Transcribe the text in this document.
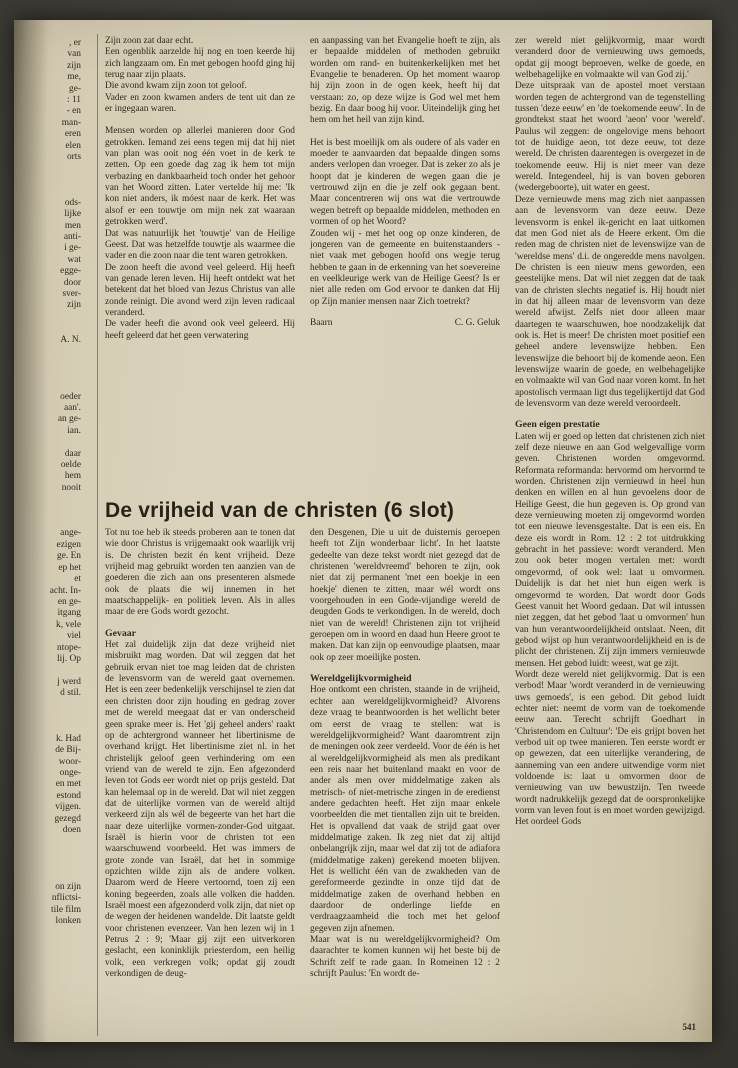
, er
van
zijn
me,
ge-
: 11
- en
man-
eren
elen
orts

ods-
lijke
men
anti-
i ge-
wat
egge-
door
sver-
zijn

A. N.

oeder
aan'.
an ge-
ian.

daar
oelde
hem
nooit

ange-
ezigen
ge. En
ep het
et
acht. In-
en ge-
itgang
k, vele
viel
ntope-
lij. Op

j werd
d stil.

k. Had
de Bij-
woor-
onge-
en met
estond
vijgen.
gezegd
doen

on zijn
nflictsi-
tile film
lonken

Zijn zoon zat daar echt.

Een ogenblik aarzelde hij nog en toen keerde hij zich langzaam om. En met gebogen hoofd ging hij terug naar zijn plaats.

Die avond kwam zijn zoon tot geloof.

Vader en zoon kwamen anders de tent uit dan ze er ingegaan waren.

Mensen worden op allerlei manieren door God getrokken. Iemand zei eens tegen mij dat hij niet van plan was ooit nog één voet in de kerk te zetten. Op een goede dag zag ik hem tot mijn verbazing en dankbaarheid toch onder het gehoor van het Woord zitten. Later vertelde hij me: 'Ik kon niet anders, ik móest naar de kerk. Het was alsof er een touwtje om mijn nek zat waaraan getrokken werd'.

Dat was natuurlijk het 'touwtje' van de Heilige Geest. Dat was hetzelfde touwtje als waarmee die vader en die zoon naar die tent waren getrokken.

De zoon heeft die avond veel geleerd. Hij heeft van genade leren leven. Hij heeft ontdekt wat het betekent dat het bloed van Jezus Christus van alle zonde reinigt. Die avond werd zijn leven radicaal veranderd.

De vader heeft die avond ook veel geleerd. Hij heeft geleerd dat het geen verwatering

en aanpassing van het Evangelie hoeft te zijn, als er bepaalde middelen of methoden gebruikt worden om rand- en buitenkerkelijken met het Evangelie te benaderen. Op het moment waarop hij zijn zoon in de ogen keek, heeft hij dat verstaan: zo, op deze wijze is God wel met hem bezig. En daar boog hij voor. Uiteindelijk ging het hem om het heil van zijn kind.

Het is best moeilijk om als oudere of als vader en moeder te aanvaarden dat bepaalde dingen soms anders verlopen dan vroeger. Dat is zeker zo als je hoopt dat je kinderen de wegen gaan die je vertrouwd zijn en die je zelf ook gegaan bent. Maar concentreren wij ons wat die vertrouwde wegen betreft op bepaalde middelen, methoden en vormen of op het Woord?

Zouden wij - met het oog op onze kinderen, de jongeren van de gemeente en buitenstaanders - niet vaak met gebogen hoofd ons wegje terug hebben te gaan in de erkenning van het soevereine en veelkleurige werk van de Heilige Geest? Is er niet alle reden om God ervoor te danken dat Hij op Zijn manier mensen naar Zich toetrekt?

Baarn	C. G. Geluk
De vrijheid van de christen (6 slot)

Tot nu toe heb ik steeds proberen aan te tonen dat wie door Christus is vrijgemaakt ook waarlijk vrij is. De christen bezit én kent vrijheid. Deze vrijheid mag gebruikt worden ten aanzien van de goederen die zich aan ons presenteren alsmede ook de plaats die wij innemen in het maatschappelijk- en politiek leven. Als in alles maar de ere Gods wordt gezocht.

Gevaar

Het zal duidelijk zijn dat deze vrijheid niet misbruikt mag worden. Dat wil zeggen dat het gebruik ervan niet toe mag leiden dat de christen de levensvorm van de wereld gaat overnemen. Het is een zeer bedenkelijk verschijnsel te zien dat een christen door zijn houding en gedrag zover met de wereld meegaat dat er van onderscheid geen sprake meer is. Het 'gij geheel anders' raakt op de achtergrond wanneer het libertinisme de overhand krijgt. Het libertinisme ziet nl. in het christelijk geloof geen verhindering om een vriend van de wereld te zijn. Een afgezonderd leven tot Gods eer wordt niet op prijs gesteld. Dat kan helemaal op in de wereld. Dat wil niet zeggen dat de uiterlijke vormen van de wereld altijd verkeerd zijn als wél de begeerte van het hart die naar deze uiterlijke vormen-zonder-God uitgaat. Israël is hierin voor de christen tot een waarschuwend voorbeeld. Het was immers de grote zonde van Israël, dat het in sommige opzichten wilde zijn als de andere volken. Daarom werd de Heere vertoornd, toen zij een koning begeerden, zoals alle volken die hadden. Israël moest een afgezonderd volk zijn, dat niet op de wegen der heidenen wandelde. Dit laatste geldt voor christenen evenzeer. Van hen lezen wij in 1 Petrus 2 : 9; 'Maar gij zijt een uitverkoren geslacht, een koninklijk priesterdom, een heilig volk, een verkregen volk; opdat gij zoudt verkondigen de deug-

den Desgenen, Die u uit de duisternis geroepen heeft tot Zijn wonderbaar licht'. In het laatste gedeelte van deze tekst wordt niet gezegd dat de christenen 'wereldvreemd' behoren te zijn, ook niet dat zij permanent 'met een boekje in een hoekje' dienen te zitten, maar wél wordt ons voorgehouden in een Gode-vijandige wereld de deugden Gods te verkondigen. In de wereld, doch niet van de wereld! Christenen zijn tot vrijheid geroepen om in woord en daad hun Heere groot te maken. Dat kan zijn op eenvoudige plaatsen, maar ook op zeer moeilijke posten.

Wereldgelijkvormigheid

Hoe ontkomt een christen, staande in de vrijheid, echter aan wereldgelijkvormigheid? Alvorens deze vraag te beantwoorden is het wellicht beter om eerst de vraag te stellen: wat is wereldgelijkvormigheid? Want daaromtrent zijn de meningen ook zeer verdeeld. Voor de één is het al wereldgelijkvormigheid als men als predikant een reis naar het buitenland maakt en voor de ander als men over middelmatige zaken als metrisch- of niet-metrische zingen in de eredienst andere gedachten heeft. Het zijn maar enkele voorbeelden die met tientallen zijn uit te breiden. Het is opvallend dat vaak de strijd gaat over middelmatige zaken. Ik zeg niet dat zij altijd onbelangrijk zijn, maar wel dat zij tot de adiafora (middelmatige zaken) gerekend moeten blijven. Het is wellicht één van de zwakheden van de gereformeerde gezindte in onze tijd dat de middelmatige zaken de overhand hebben en daardoor de onderlinge liefde en verdraagzaamheid die toch met het geloof gegeven zijn afnemen.

Maar wat is nu wereldgelijkvormigheid? Om daarachter te komen kunnen wij het beste bij de Schrift zelf te rade gaan. In Romeinen 12 : 2 schrijft Paulus: 'En wordt de-

zer wereld niet gelijkvormig, maar wordt veranderd door de vernieuwing uws gemoeds, opdat gij moogt beproeven, welke de goede, en welbehagelijke en volmaakte wil van God zij.'

Deze uitspraak van de apostel moet verstaan worden tegen de achtergrond van de tegenstelling tussen 'deze eeuw' en 'de toekomende eeuw'. In de grondtekst staat het woord 'aeon' voor 'wereld'. Paulus wil zeggen: de ongelovige mens behoort tot de huidige aeon, tot deze eeuw, tot deze wereld. De christen daarentegen is overgezet in de toekomende eeuw. Hij is niet meer van deze wereld. Integendeel, hij is van boven geboren (wedergeboorte), uit water en geest.

Deze vernieuwde mens mag zich niet aanpassen aan de levensvorm van deze eeuw. Deze levensvorm is enkel ik-gericht en laat uitkomen dat men God niet als de Heere erkent. Om die reden mag de christen niet de levenswijze van de 'wereldse mens' d.i. de ongeredde mens navolgen. De christen is een nieuw mens geworden, een geestelijke mens. Dat wil niet zeggen dat de taak van de christen slechts negatief is. Hij houdt niet in dat hij alleen maar de levensvorm van deze wereld afwijst. Zelfs niet door alleen maar daartegen te waarschuwen, hoe noodzakelijk dat ook is. Het is meer! De christen moet positief een geheel andere levenswijze hebben. Een levenswijze die behoort bij de komende aeon. Een levenswijze waarin de goede, en welbehagelijke en volmaakte wil van God naar voren komt. In het apostolisch vermaan ligt dus tegelijkertijd dat God de levensvorm van deze wereld veroordeelt.

Geen eigen prestatie

Laten wij er goed op letten dat christenen zich niet zelf deze nieuwe en aan God welgevallige vorm geven. Christenen worden omgevormd. Reformata reformanda: hervormd om hervormd te worden. Christenen zijn vernieuwd in heel hun denken en willen en al hun gevoelens door de Heilige Geest, die hun gegeven is. Op grond van deze vernieuwing moeten zij omgevormd worden tot een nieuwe levensgestalte. Dat is een eis. En deze eis wordt in Rom. 12 : 2 tot uitdrukking gebracht in het passieve: wordt veranderd. Men zou ook beter mogen vertalen met: wordt omgevormd, of ook wel: laat u omvormen. Duidelijk is dat het niet hun eigen werk is omgevormd te worden. Dat wordt door Gods Geest vanuit het Woord gedaan. Dat wil intussen niet zeggen, dat het gebod 'laat u omvormen' hun van hun verantwoordelijkheid ontslaat. Neen, dit gebod wijst op hun verantwoordelijkheid en is de plicht der christenen. Zij zijn immers vernieuwde mensen. Het gebod luidt: weest, wat ge zijt.

Wordt deze wereld niet gelijkvormig. Dat is een verbod! Maar 'wordt veranderd in de vernieuwing uws gemoeds', is een gebod. Dit gebod luidt echter niet: neemt de vorm van de toekomende eeuw aan. Terecht schrijft Goedhart in 'Christendom en Cultuur': 'De eis grijpt boven het verbod uit op twee manieren. Ten eerste wordt er op gewezen, dat een uiterlijke verandering, de aanneming van een andere uitwendige vorm niet voldoende is: laat u omvormen door de vernieuwing van uw bewustzijn. Ten tweede wordt nadrukkelijk gezegd dat de oorspronkelijke vorm van leven fout is en moet worden gewijzigd. Het oordeel Gods

541
